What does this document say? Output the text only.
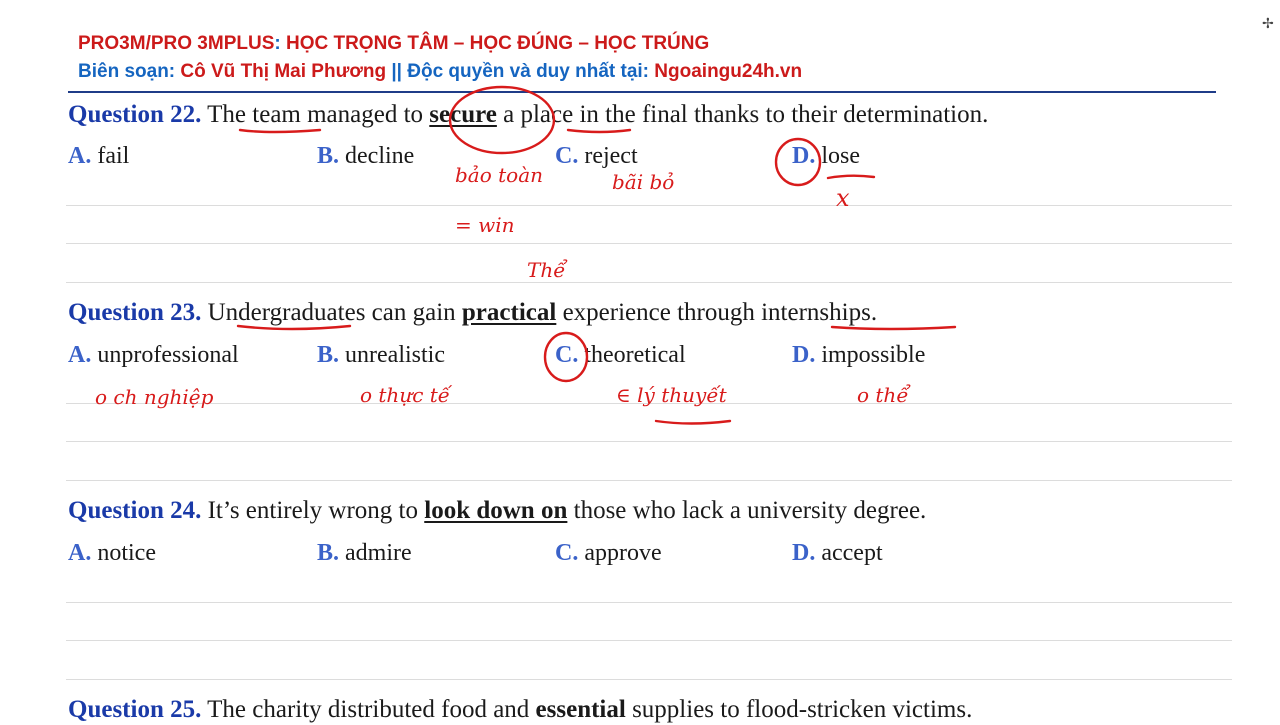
PRO3M/PRO 3MPLUS: HỌC TRỌNG TÂM – HỌC ĐÚNG – HỌC TRÚNG
Biên soạn: Cô Vũ Thị Mai Phương || Độc quyền và duy nhất tại: Ngoaingu24h.vn
✢
Question 22. The team managed to secure a place in the final thanks to their determination.
A. fail	B. decline	C. reject	D. lose
Question 23. Undergraduates can gain practical experience through internships.
A. unprofessional	B. unrealistic	C. theoretical	D. impossible
Question 24. It’s entirely wrong to look down on those who lack a university degree.
A. notice	B. admire	C. approve	D. accept
Question 25. The charity distributed food and essential supplies to flood-stricken victims.
bảo toàn
= win
Thể
bãi bỏ
x
o ch nghiệp	o thực tế	∈ lý thuyết	o thể
